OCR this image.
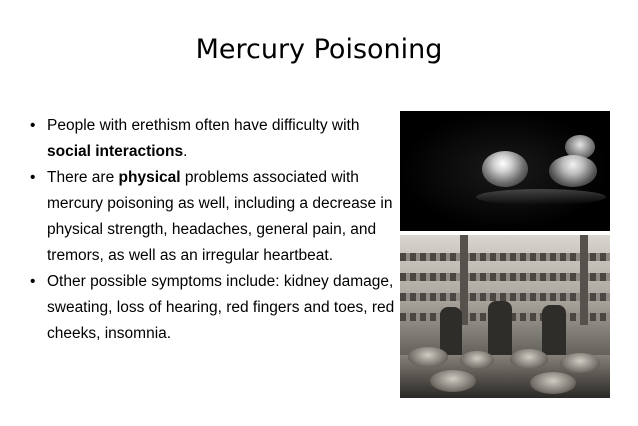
Mercury Poisoning
• People with erethism often have difficulty with social interactions.
• There are physical problems associated with mercury poisoning as well, including a decrease in physical strength, headaches, general pain, and tremors, as well as an irregular heartbeat.
• Other possible symptoms include: kidney damage, sweating, loss of hearing, red fingers and toes, red cheeks, insomnia.
